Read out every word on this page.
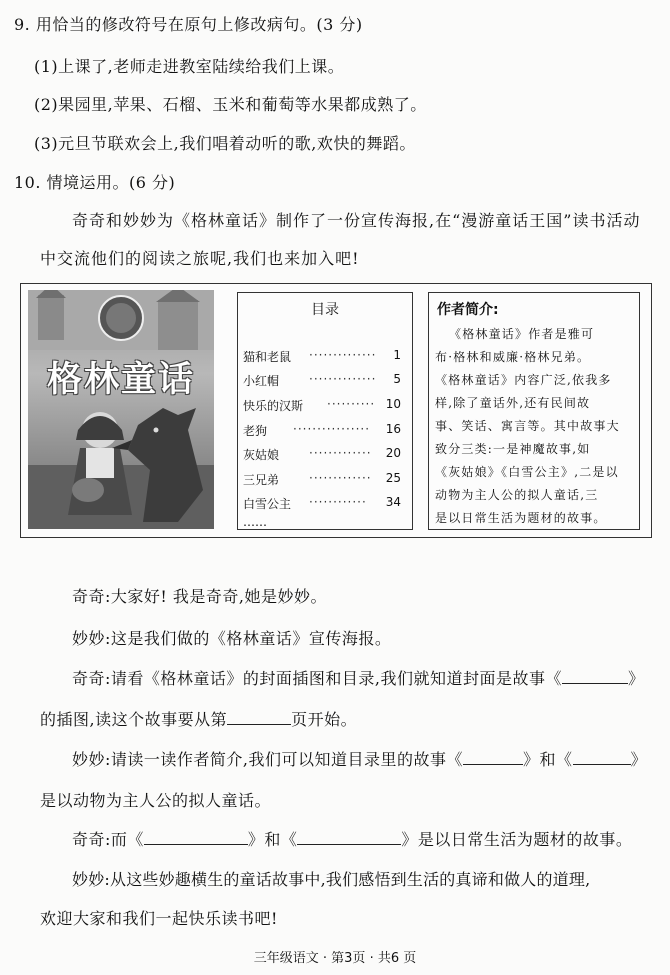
9. 用恰当的修改符号在原句上修改病句。(3 分)
(1)上课了,老师走进教室陆续给我们上课。
(2)果园里,苹果、石榴、玉米和葡萄等水果都成熟了。
(3)元旦节联欢会上,我们唱着动听的歌,欢快的舞蹈。
10. 情境运用。(6 分)
奇奇和妙妙为《格林童话》制作了一份宣传海报,在“漫游童话王国”读书活动
中交流他们的阅读之旅呢,我们也来加入吧!
格林童话
目录
猫和老鼠 ·············· 1
小红帽 ·············· 5
快乐的汉斯 ·········· 10
老狗 ················ 16
灰姑娘 ············· 20
三兄弟 ············· 25
白雪公主 ············ 34
……
作者简介:
《格林童话》作者是雅可
布·格林和威廉·格林兄弟。
《格林童话》内容广泛,依我多
样,除了童话外,还有民间故
事、笑话、寓言等。其中故事大
致分三类:一是神魔故事,如
《灰姑娘》《白雪公主》,二是以
动物为主人公的拟人童话,三
是以日常生活为题材的故事。
奇奇:大家好! 我是奇奇,她是妙妙。
妙妙:这是我们做的《格林童话》宣传海报。
奇奇:请看《格林童话》的封面插图和目录,我们就知道封面是故事《	》
的插图,读这个故事要从第	页开始。
妙妙:请读一读作者简介,我们可以知道目录里的故事《	》和《	》
是以动物为主人公的拟人童话。
奇奇:而《	》和《	》是以日常生活为题材的故事。
妙妙:从这些妙趣横生的童话故事中,我们感悟到生活的真谛和做人的道理,
欢迎大家和我们一起快乐读书吧!
三年级语文 · 第3页 · 共6 页
